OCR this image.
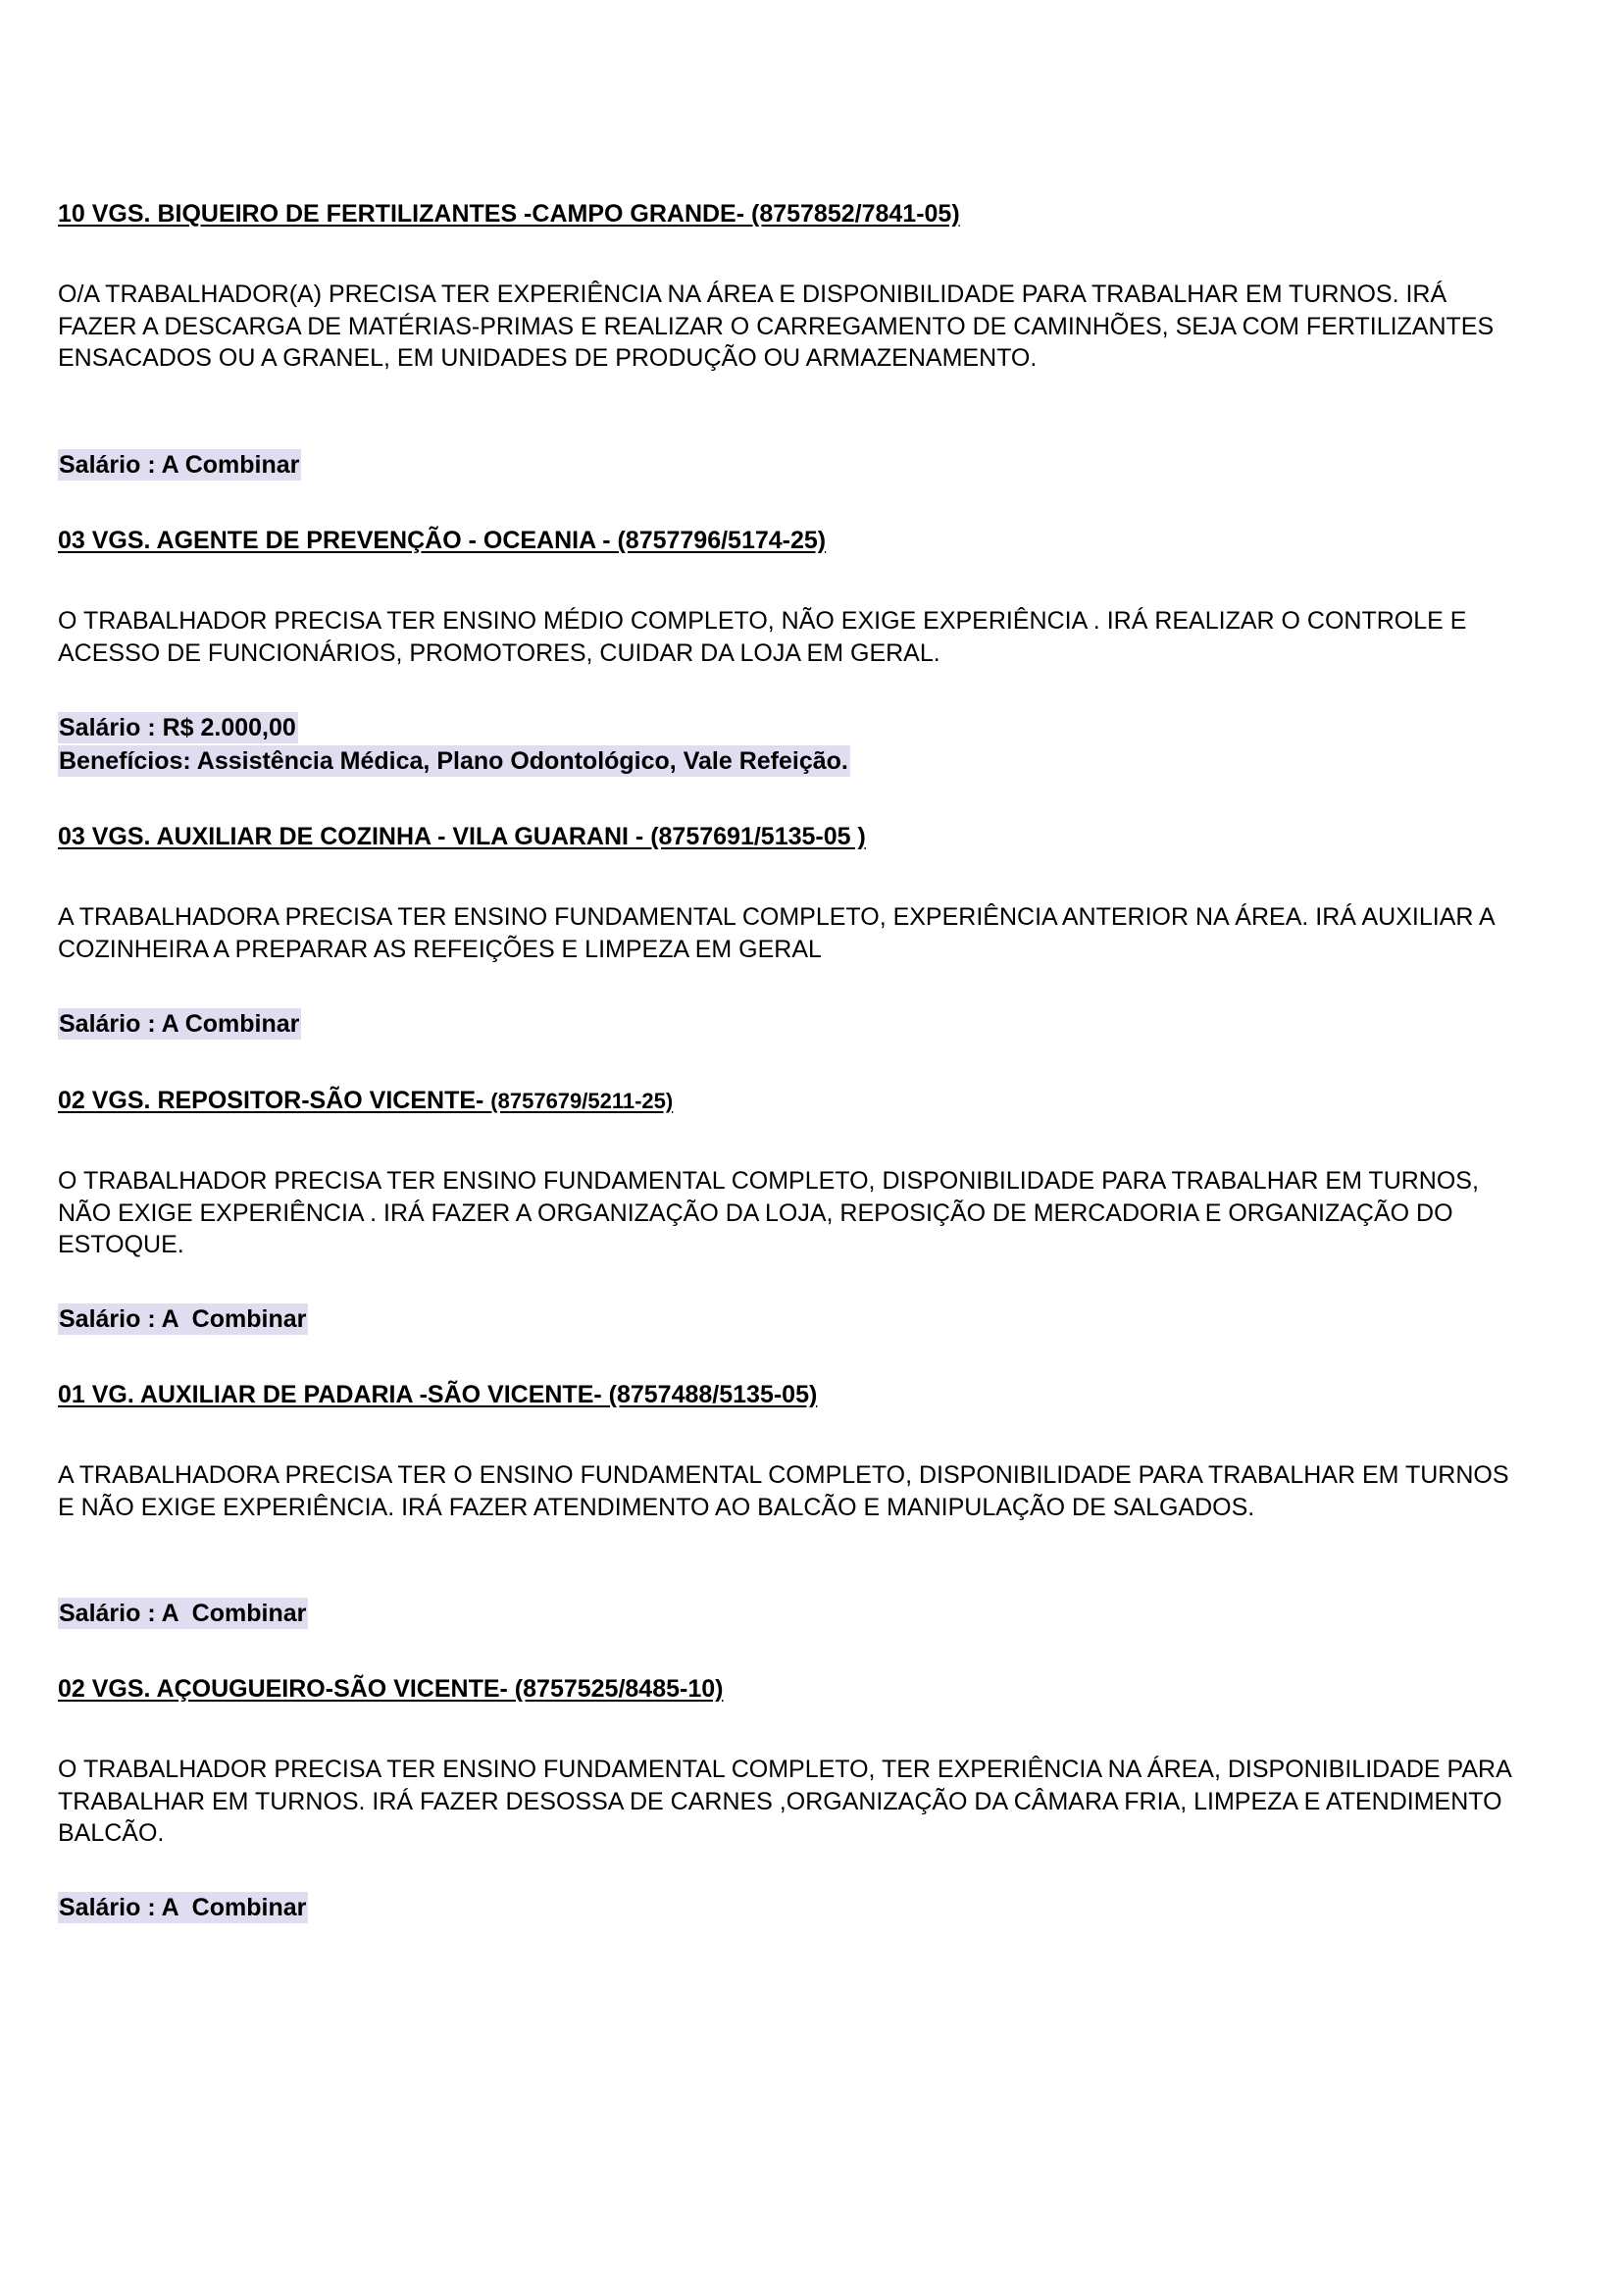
10 VGS. BIQUEIRO DE FERTILIZANTES -CAMPO GRANDE- (8757852/7841-05)
O/A TRABALHADOR(A) PRECISA TER EXPERIÊNCIA NA ÁREA E DISPONIBILIDADE PARA TRABALHAR EM TURNOS. IRÁ FAZER A DESCARGA DE MATÉRIAS-PRIMAS E REALIZAR O CARREGAMENTO DE CAMINHÕES, SEJA COM FERTILIZANTES ENSACADOS OU A GRANEL, EM UNIDADES DE PRODUÇÃO OU ARMAZENAMENTO.
Salário : A Combinar
03 VGS. AGENTE DE PREVENÇÃO - OCEANIA - (8757796/5174-25)
O TRABALHADOR PRECISA TER ENSINO MÉDIO COMPLETO, NÃO EXIGE EXPERIÊNCIA . IRÁ REALIZAR O CONTROLE E ACESSO DE FUNCIONÁRIOS, PROMOTORES, CUIDAR DA LOJA EM GERAL.
Salário : R$ 2.000,00
Benefícios: Assistência Médica, Plano Odontológico, Vale Refeição.
03 VGS. AUXILIAR DE COZINHA - VILA GUARANI - (8757691/5135-05 )
A TRABALHADORA PRECISA TER ENSINO FUNDAMENTAL COMPLETO, EXPERIÊNCIA ANTERIOR NA ÁREA. IRÁ AUXILIAR A COZINHEIRA A PREPARAR AS REFEIÇÕES E LIMPEZA EM GERAL
Salário : A Combinar
02 VGS. REPOSITOR-SÃO VICENTE- (8757679/5211-25)
O TRABALHADOR PRECISA TER ENSINO FUNDAMENTAL COMPLETO, DISPONIBILIDADE PARA TRABALHAR EM TURNOS, NÃO EXIGE EXPERIÊNCIA . IRÁ FAZER A ORGANIZAÇÃO DA LOJA, REPOSIÇÃO DE MERCADORIA E ORGANIZAÇÃO DO ESTOQUE.
Salário : A  Combinar
01 VG. AUXILIAR DE PADARIA -SÃO VICENTE- (8757488/5135-05)
A TRABALHADORA PRECISA TER O ENSINO FUNDAMENTAL COMPLETO, DISPONIBILIDADE PARA TRABALHAR EM TURNOS E NÃO EXIGE EXPERIÊNCIA. IRÁ FAZER ATENDIMENTO AO BALCÃO E MANIPULAÇÃO DE SALGADOS.
Salário : A  Combinar
02 VGS. AÇOUGUEIRO-SÃO VICENTE- (8757525/8485-10)
O TRABALHADOR PRECISA TER ENSINO FUNDAMENTAL COMPLETO, TER EXPERIÊNCIA NA ÁREA, DISPONIBILIDADE PARA TRABALHAR EM TURNOS. IRÁ FAZER DESOSSA DE CARNES ,ORGANIZAÇÃO DA CÂMARA FRIA, LIMPEZA E ATENDIMENTO BALCÃO.
Salário : A  Combinar
